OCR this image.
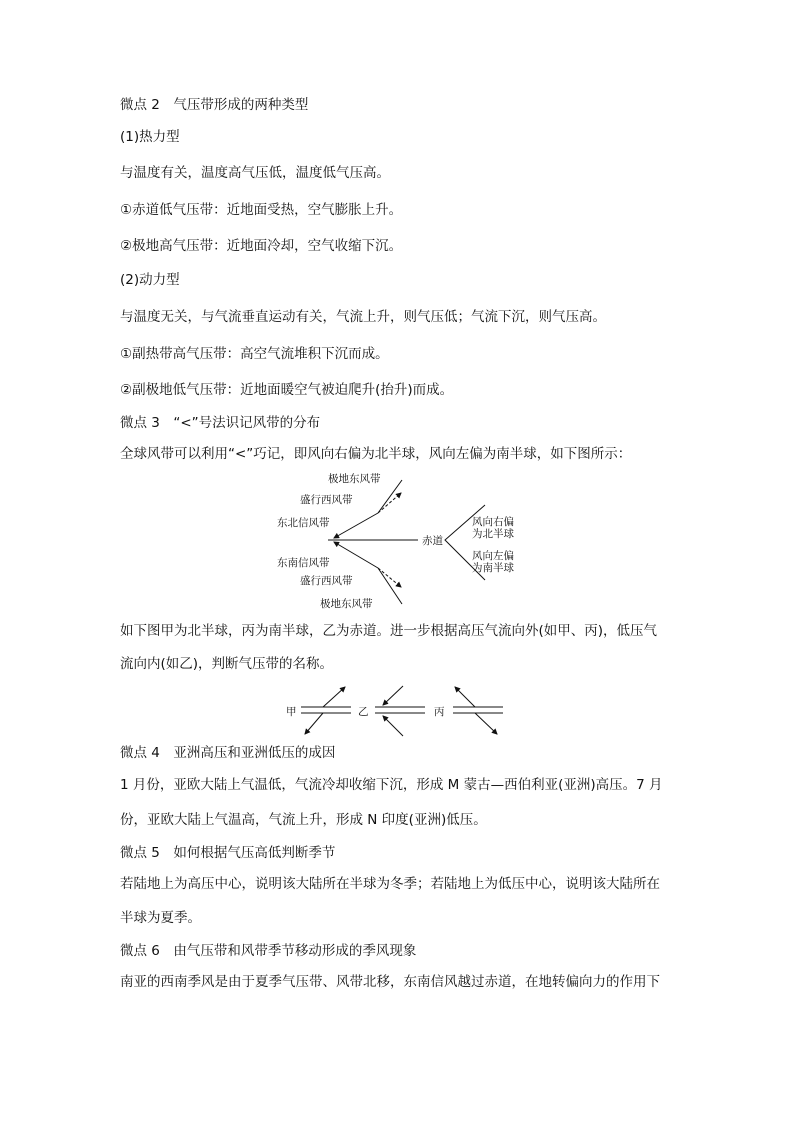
微点 2　气压带形成的两种类型
(1)热力型
与温度有关，温度高气压低，温度低气压高。
①赤道低气压带：近地面受热，空气膨胀上升。
②极地高气压带：近地面冷却，空气收缩下沉。
(2)动力型
与温度无关，与气流垂直运动有关，气流上升，则气压低；气流下沉，则气压高。
①副热带高气压带：高空气流堆积下沉而成。
②副极地低气压带：近地面暖空气被迫爬升(抬升)而成。
微点 3　“<”号法识记风带的分布
全球风带可以利用“<”巧记，即风向右偏为北半球，风向左偏为南半球，如下图所示：
极地东风带
盛行西风带
东北信风带
赤道
东南信风带
盛行西风带
极地东风带
风向右偏
为北半球
风向左偏
为南半球
如下图甲为北半球，丙为南半球，乙为赤道。进一步根据高压气流向外(如甲、丙)，低压气
流向内(如乙)，判断气压带的名称。
甲	乙	丙
微点 4　亚洲高压和亚洲低压的成因
1 月份，亚欧大陆上气温低，气流冷却收缩下沉，形成 M 蒙古—西伯利亚(亚洲)高压。7 月
份，亚欧大陆上气温高，气流上升，形成 N 印度(亚洲)低压。
微点 5　如何根据气压高低判断季节
若陆地上为高压中心，说明该大陆所在半球为冬季；若陆地上为低压中心，说明该大陆所在
半球为夏季。
微点 6　由气压带和风带季节移动形成的季风现象
南亚的西南季风是由于夏季气压带、风带北移，东南信风越过赤道，在地转偏向力的作用下
